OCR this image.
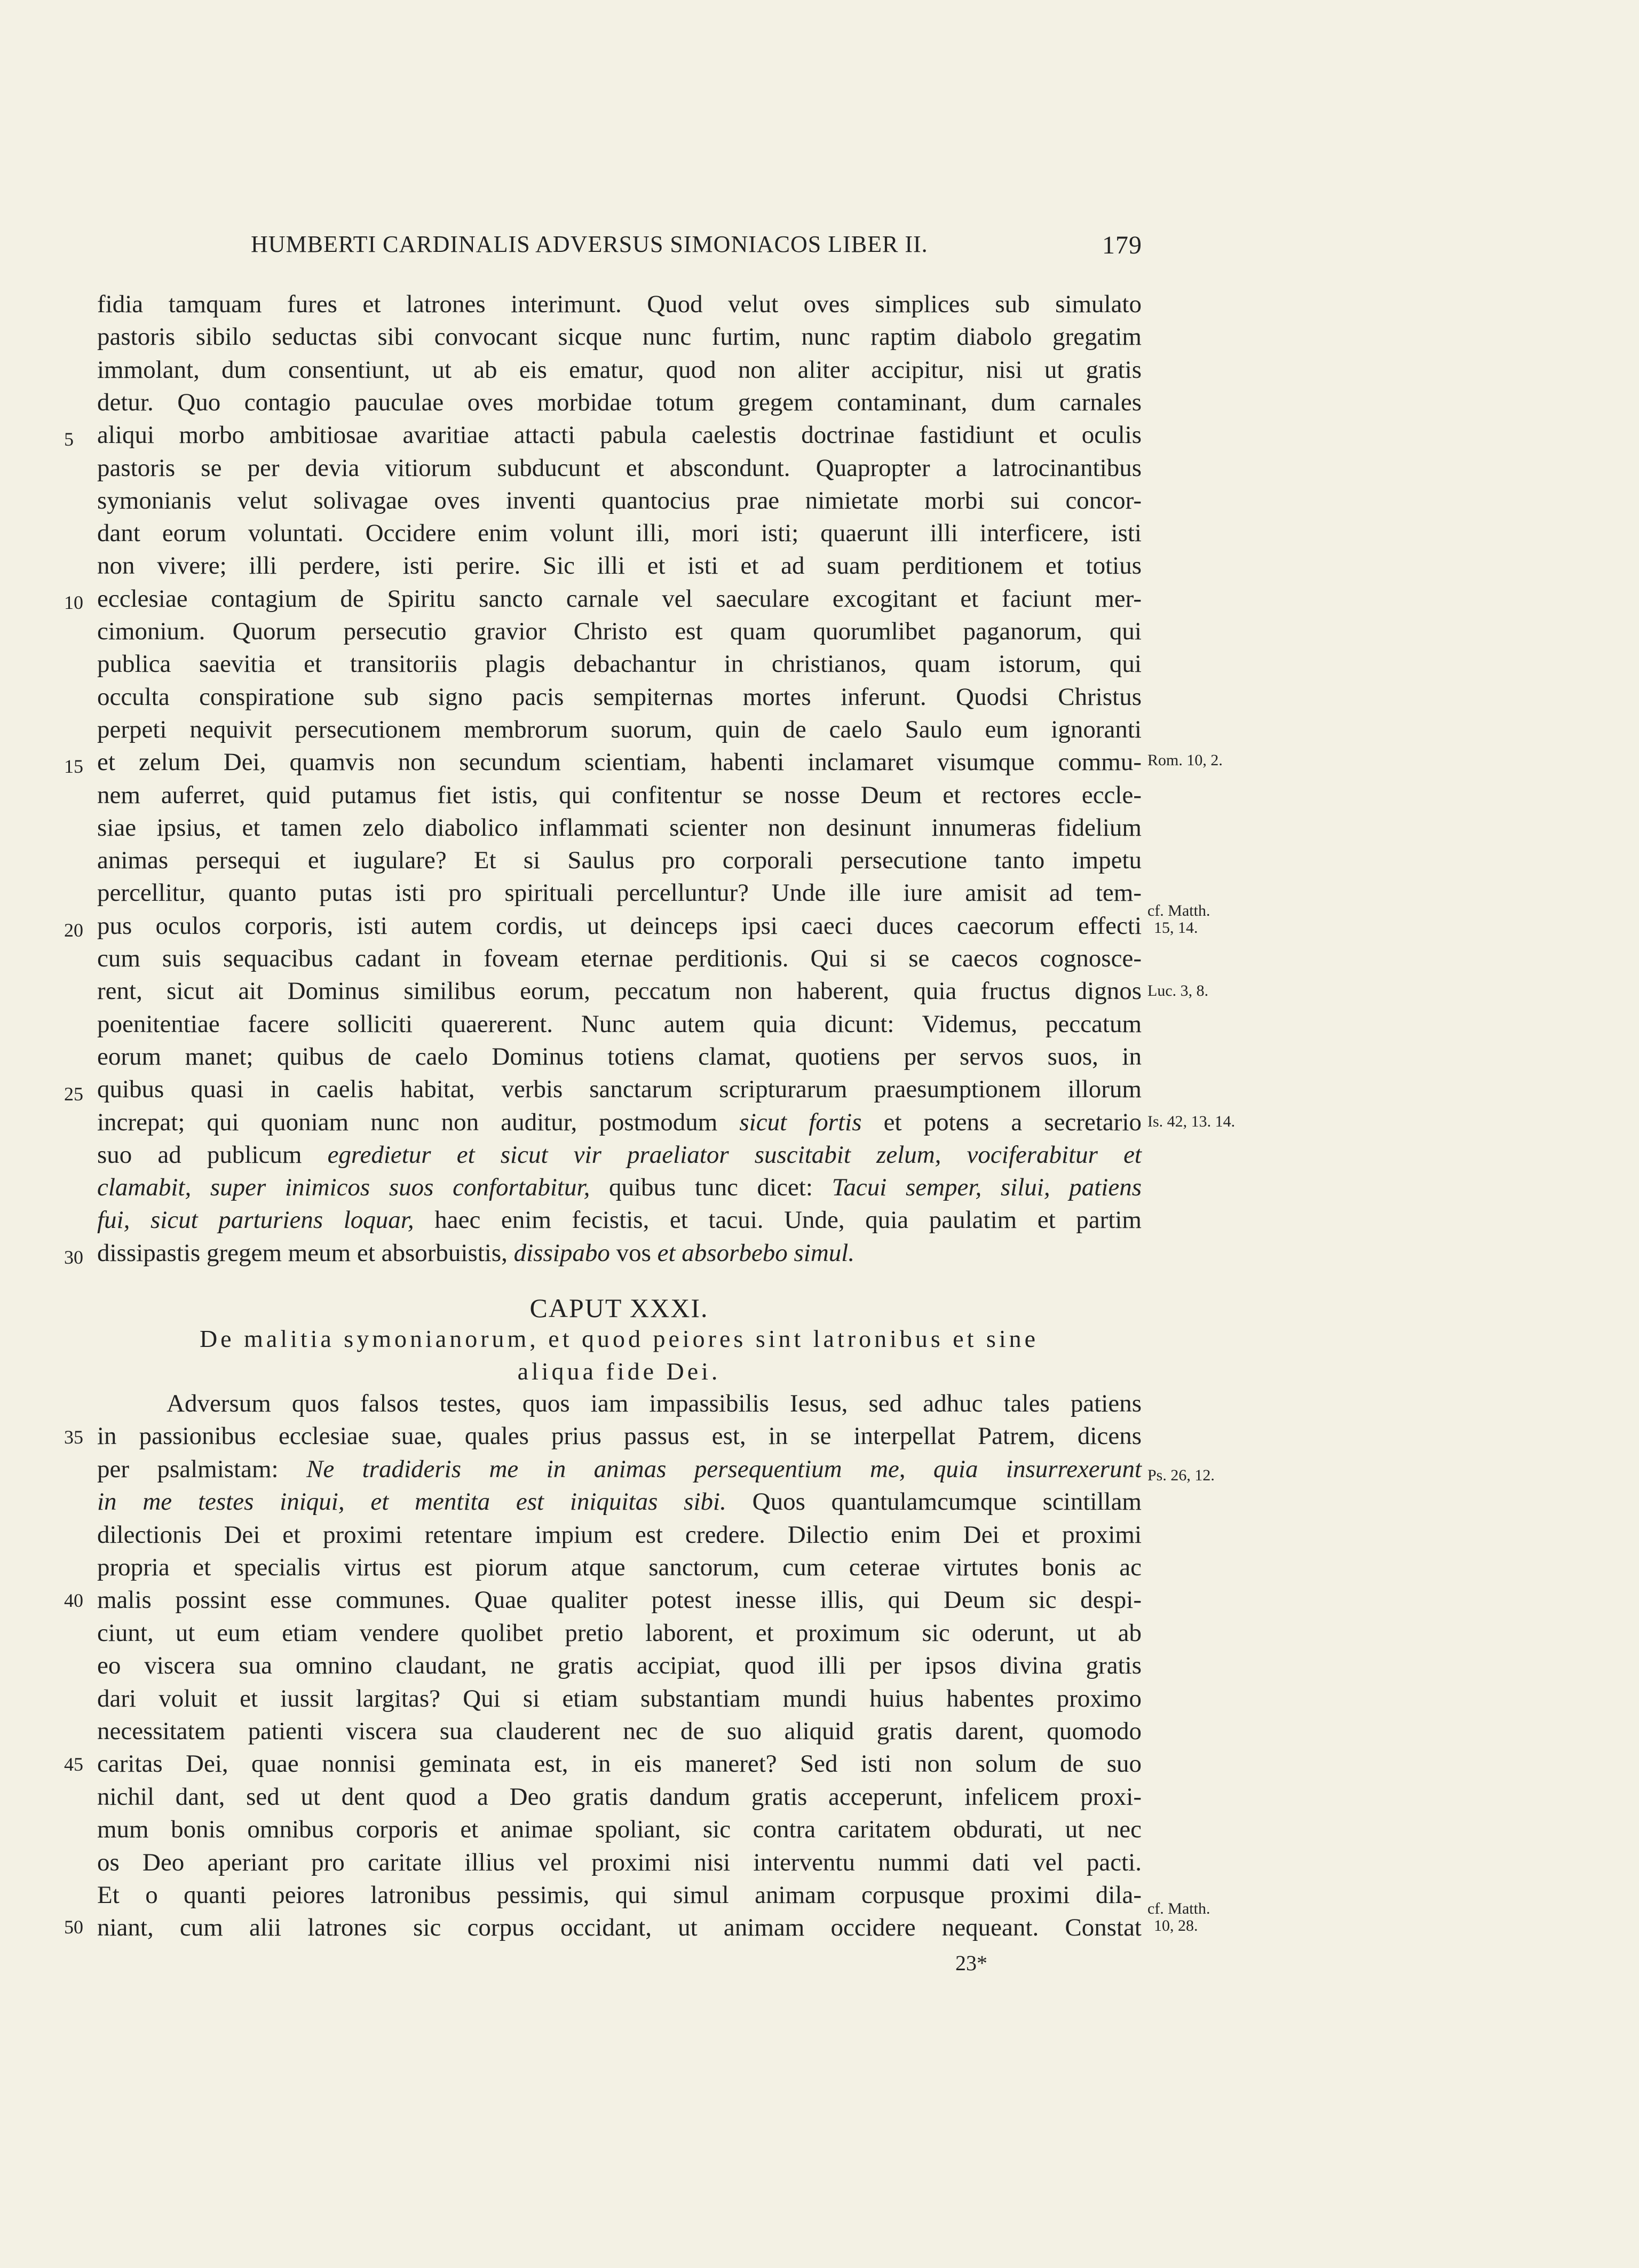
HUMBERTI CARDINALIS ADVERSUS SIMONIACOS LIBER II.	179
fidia tamquam fures et latrones interimunt. Quod velut oves simplices sub simulato
pastoris sibilo seductas sibi convocant sicque nunc furtim, nunc raptim diabolo gregatim
immolant, dum consentiunt, ut ab eis ematur, quod non aliter accipitur, nisi ut gratis
detur. Quo contagio pauculae oves morbidae totum gregem contaminant, dum carnales
aliqui morbo ambitiosae avaritiae attacti pabula caelestis doctrinae fastidiunt et oculis
pastoris se per devia vitiorum subducunt et abscondunt. Quapropter a latrocinantibus
symonianis velut solivagae oves inventi quantocius prae nimietate morbi sui concor-
dant eorum voluntati. Occidere enim volunt illi, mori isti; quaerunt illi interficere, isti
non vivere; illi perdere, isti perire. Sic illi et isti et ad suam perditionem et totius
ecclesiae contagium de Spiritu sancto carnale vel saeculare excogitant et faciunt mer-
cimonium. Quorum persecutio gravior Christo est quam quorumlibet paganorum, qui
publica saevitia et transitoriis plagis debachantur in christianos, quam istorum, qui
occulta conspiratione sub signo pacis sempiternas mortes inferunt. Quodsi Christus
perpeti nequivit persecutionem membrorum suorum, quin de caelo Saulo eum ignoranti
et zelum Dei, quamvis non secundum scientiam, habenti inclamaret visumque commu-
nem auferret, quid putamus fiet istis, qui confitentur se nosse Deum et rectores eccle-
siae ipsius, et tamen zelo diabolico inflammati scienter non desinunt innumeras fidelium
animas persequi et iugulare? Et si Saulus pro corporali persecutione tanto impetu
percellitur, quanto putas isti pro spirituali percelluntur? Unde ille iure amisit ad tem-
pus oculos corporis, isti autem cordis, ut deinceps ipsi caeci duces caecorum effecti
cum suis sequacibus cadant in foveam eternae perditionis. Qui si se caecos cognosce-
rent, sicut ait Dominus similibus eorum, peccatum non haberent, quia fructus dignos
poenitentiae facere solliciti quaererent. Nunc autem quia dicunt: Videmus, peccatum
eorum manet; quibus de caelo Dominus totiens clamat, quotiens per servos suos, in
quibus quasi in caelis habitat, verbis sanctarum scripturarum praesumptionem illorum
increpat; qui quoniam nunc non auditur, postmodum sicut fortis et potens a secretario
suo ad publicum egredietur et sicut vir praeliator suscitabit zelum, vociferabitur et
clamabit, super inimicos suos confortabitur, quibus tunc dicet: Tacui semper, silui, patiens
fui, sicut parturiens loquar, haec enim fecistis, et tacui. Unde, quia paulatim et partim
dissipastis gregem meum et absorbuistis, dissipabo vos et absorbebo simul.
Adversum quos falsos testes, quos iam impassibilis Iesus, sed adhuc tales patiens
in passionibus ecclesiae suae, quales prius passus est, in se interpellat Patrem, dicens
per psalmistam: Ne tradideris me in animas persequentium me, quia insurrexerunt
in me testes iniqui, et mentita est iniquitas sibi. Quos quantulamcumque scintillam
dilectionis Dei et proximi retentare impium est credere. Dilectio enim Dei et proximi
propria et specialis virtus est piorum atque sanctorum, cum ceterae virtutes bonis ac
malis possint esse communes. Quae qualiter potest inesse illis, qui Deum sic despi-
ciunt, ut eum etiam vendere quolibet pretio laborent, et proximum sic oderunt, ut ab
eo viscera sua omnino claudant, ne gratis accipiat, quod illi per ipsos divina gratis
dari voluit et iussit largitas? Qui si etiam substantiam mundi huius habentes proximo
necessitatem patienti viscera sua clauderent nec de suo aliquid gratis darent, quomodo
caritas Dei, quae nonnisi geminata est, in eis maneret? Sed isti non solum de suo
nichil dant, sed ut dent quod a Deo gratis dandum gratis acceperunt, infelicem proxi-
mum bonis omnibus corporis et animae spoliant, sic contra caritatem obdurati, ut nec
os Deo aperiant pro caritate illius vel proximi nisi interventu nummi dati vel pacti.
Et o quanti peiores latronibus pessimis, qui simul animam corpusque proximi dila-
niant, cum alii latrones sic corpus occidant, ut animam occidere nequeant. Constat
CAPUT XXXI.
De malitia symonianorum, et quod peiores sint latronibus et sine
aliqua fide Dei.
Rom. 10, 2.
cf. Matth.
15, 14.
Luc. 3, 8.
Is. 42, 13. 14.
Ps. 26, 12.
cf. Matth.
10, 28.
23*
5
10
15
20
25
30
35
40
45
50
